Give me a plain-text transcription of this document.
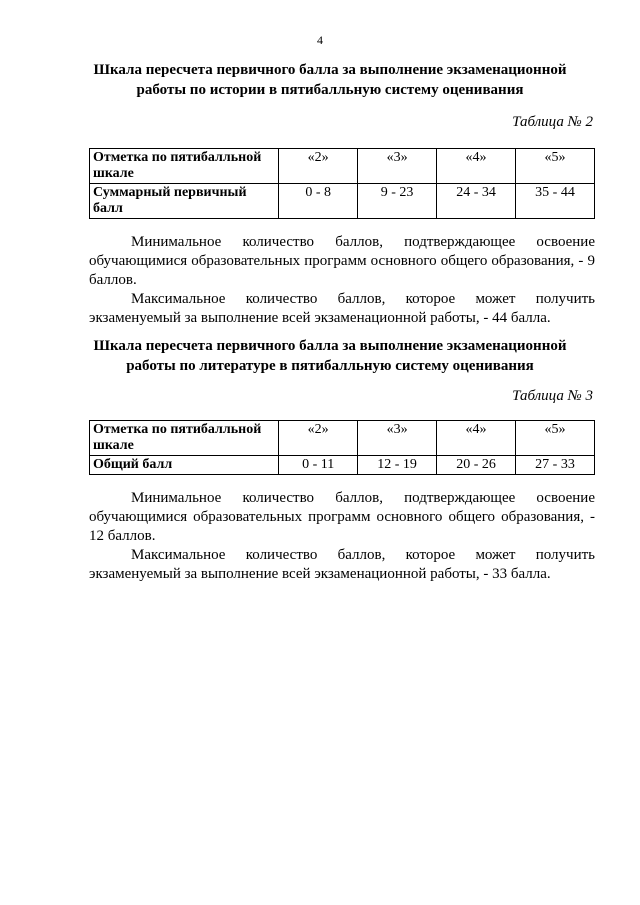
4
Шкала пересчета первичного балла за выполнение экзаменационной
работы по истории в пятибалльную систему оценивания
Таблица № 2
Отметка по пятибалльной шкале	«2»	«3»	«4»	«5»
Суммарный первичный балл	0 - 8	9 - 23	24 - 34	35 - 44

Минимальное количество баллов, подтверждающее освоение обучающимися образовательных программ основного общего образования, - 9 баллов.

Максимальное количество баллов, которое может получить экзаменуемый за выполнение всей экзаменационной работы, - 44 балла.

Шкала пересчета первичного балла за выполнение экзаменационной
работы по литературе в пятибалльную систему оценивания
Таблица № 3
Отметка по пятибалльной шкале	«2»	«3»	«4»	«5»
Общий балл	0 - 11	12 - 19	20 - 26	27 - 33

Минимальное количество баллов, подтверждающее освоение обучающимися образовательных программ основного общего образования, - 12 баллов.

Максимальное количество баллов, которое может получить экзаменуемый за выполнение всей экзаменационной работы, - 33 балла.
